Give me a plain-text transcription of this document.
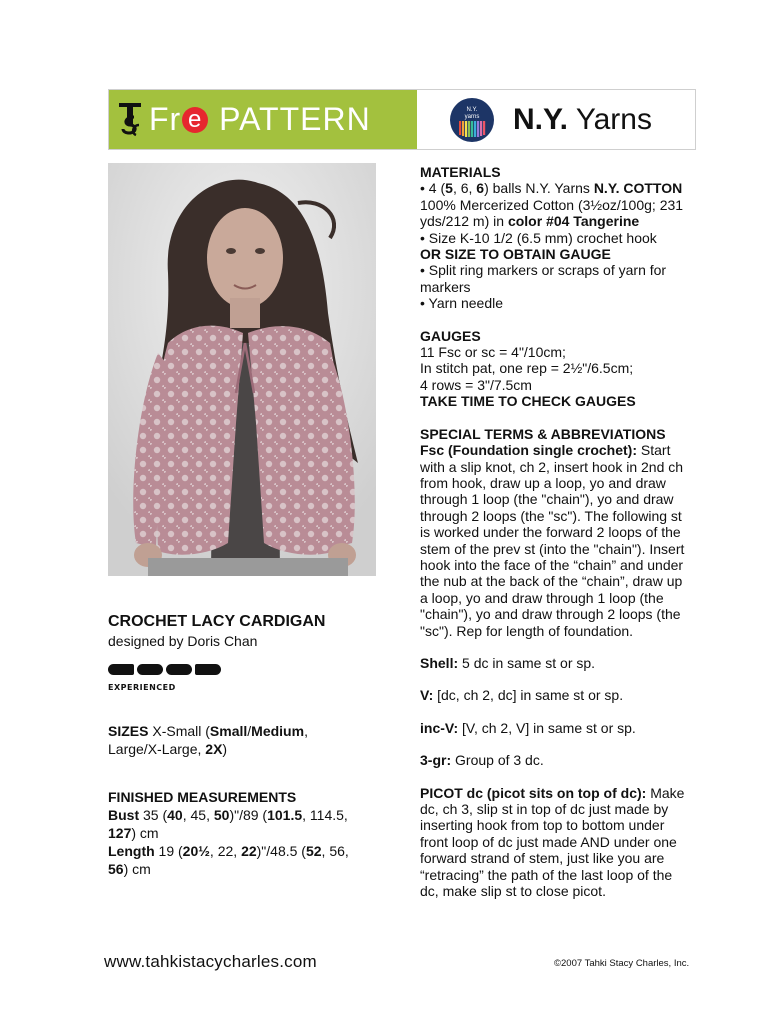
Fr e
PATTERN	N.Y.
yarns N.Y. Yarns

CROCHET LACY CARDIGAN

designed by Doris Chan

EXPERIENCED
SIZES X-Small (Small/Medium,
Large/X-Large, 2X)
FINISHED MEASUREMENTS
Bust 35 (40, 45, 50)"/89 (101.5, 114.5,
127) cm
Length 19 (20½, 22, 22)"/48.5 (52, 56,
56) cm

MATERIALS

• 4 (5, 6, 6) balls N.Y. Yarns N.Y. COTTON

100% Mercerized Cotton (3½oz/100g; 231

yds/212 m) in color #04 Tangerine

• Size K-10 1/2 (6.5 mm) crochet hook

OR SIZE TO OBTAIN GAUGE

• Split ring markers or scraps of yarn for

markers

• Yarn needle

GAUGES

11 Fsc or sc = 4"/10cm;

In stitch pat, one rep = 2½"/6.5cm;

4 rows = 3"/7.5cm

TAKE TIME TO CHECK GAUGES

SPECIAL TERMS & ABBREVIATIONS

Fsc (Foundation single crochet): Start

with a slip knot, ch 2, insert hook in 2nd ch

from hook, draw up a loop, yo and draw

through 1 loop (the "chain"), yo and draw

through 2 loops (the "sc"). The following st

is worked under the forward 2 loops of the

stem of the prev st (into the "chain"). Insert

hook into the face of the “chain” and under

the nub at the back of the “chain”, draw up

a loop, yo and draw through 1 loop (the

"chain"), yo and draw through 2 loops (the

"sc"). Rep for length of foundation.

Shell: 5 dc in same st or sp.

V: [dc, ch 2, dc] in same st or sp.

inc-V: [V, ch 2, V] in same st or sp.

3-gr: Group of 3 dc.

PICOT dc (picot sits on top of dc): Make

dc, ch 3, slip st in top of dc just made by

inserting hook from top to bottom under

front loop of dc just made AND under one

forward strand of stem, just like you are

“retracing” the path of the last loop of the

dc, make slip st to close picot.

www.tahkistacycharles.com	©2007 Tahki Stacy Charles, Inc.
